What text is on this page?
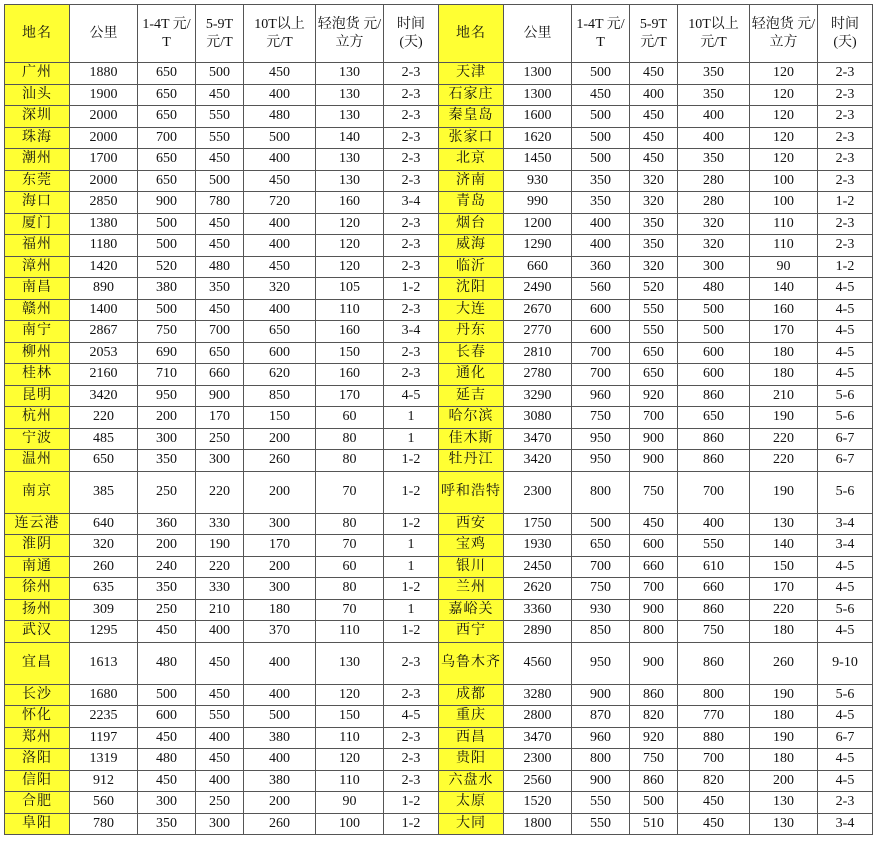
地名	公里	1-4T 元/T	5-9T 元/T	10T以上 元/T	轻泡货 元/立方	时间 (天)	地名	公里	1-4T 元/T	5-9T 元/T	10T以上 元/T	轻泡货 元/立方	时间 (天)
广州	1880	650	500	450	130	2-3	天津	1300	500	450	350	120	2-3
汕头	1900	650	450	400	130	2-3	石家庄	1300	450	400	350	120	2-3
深圳	2000	650	550	480	130	2-3	秦皇岛	1600	500	450	400	120	2-3
珠海	2000	700	550	500	140	2-3	张家口	1620	500	450	400	120	2-3
潮州	1700	650	450	400	130	2-3	北京	1450	500	450	350	120	2-3
东莞	2000	650	500	450	130	2-3	济南	930	350	320	280	100	2-3
海口	2850	900	780	720	160	3-4	青岛	990	350	320	280	100	1-2
厦门	1380	500	450	400	120	2-3	烟台	1200	400	350	320	110	2-3
福州	1180	500	450	400	120	2-3	威海	1290	400	350	320	110	2-3
漳州	1420	520	480	450	120	2-3	临沂	660	360	320	300	90	1-2
南昌	890	380	350	320	105	1-2	沈阳	2490	560	520	480	140	4-5
赣州	1400	500	450	400	110	2-3	大连	2670	600	550	500	160	4-5
南宁	2867	750	700	650	160	3-4	丹东	2770	600	550	500	170	4-5
柳州	2053	690	650	600	150	2-3	长春	2810	700	650	600	180	4-5
桂林	2160	710	660	620	160	2-3	通化	2780	700	650	600	180	4-5
昆明	3420	950	900	850	170	4-5	延吉	3290	960	920	860	210	5-6
杭州	220	200	170	150	60	1	哈尔滨	3080	750	700	650	190	5-6
宁波	485	300	250	200	80	1	佳木斯	3470	950	900	860	220	6-7
温州	650	350	300	260	80	1-2	牡丹江	3420	950	900	860	220	6-7
南京	385	250	220	200	70	1-2	呼和浩特	2300	800	750	700	190	5-6
连云港	640	360	330	300	80	1-2	西安	1750	500	450	400	130	3-4
淮阴	320	200	190	170	70	1	宝鸡	1930	650	600	550	140	3-4
南通	260	240	220	200	60	1	银川	2450	700	660	610	150	4-5
徐州	635	350	330	300	80	1-2	兰州	2620	750	700	660	170	4-5
扬州	309	250	210	180	70	1	嘉峪关	3360	930	900	860	220	5-6
武汉	1295	450	400	370	110	1-2	西宁	2890	850	800	750	180	4-5
宜昌	1613	480	450	400	130	2-3	乌鲁木齐	4560	950	900	860	260	9-10
长沙	1680	500	450	400	120	2-3	成都	3280	900	860	800	190	5-6
怀化	2235	600	550	500	150	4-5	重庆	2800	870	820	770	180	4-5
郑州	1197	450	400	380	110	2-3	西昌	3470	960	920	880	190	6-7
洛阳	1319	480	450	400	120	2-3	贵阳	2300	800	750	700	180	4-5
信阳	912	450	400	380	110	2-3	六盘水	2560	900	860	820	200	4-5
合肥	560	300	250	200	90	1-2	太原	1520	550	500	450	130	2-3
阜阳	780	350	300	260	100	1-2	大同	1800	550	510	450	130	3-4
